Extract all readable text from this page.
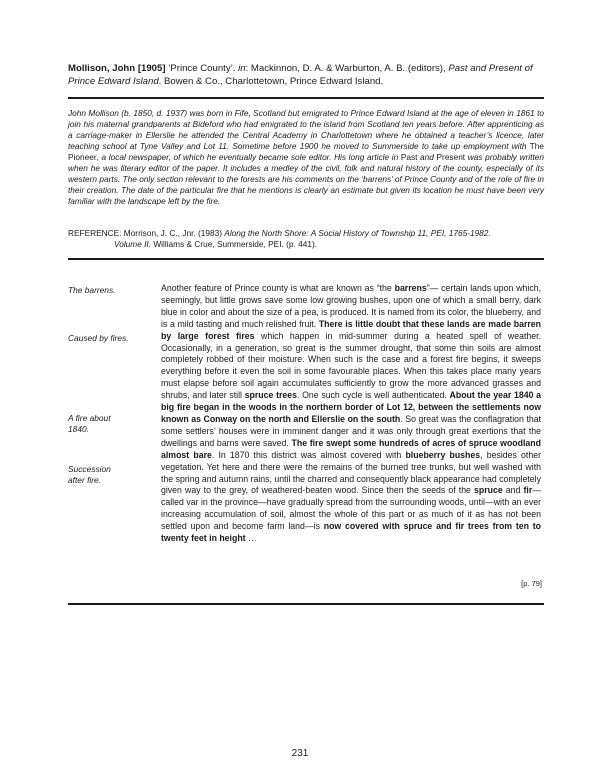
Mollison, John [1905] ‘Prince County’. in: Mackinnon, D. A. & Warburton, A. B. (editors), Past and Present of Prince Edward Island. Bowen & Co., Charlottetown, Prince Edward Island.
John Mollison (b. 1850, d. 1937) was born in Fife, Scotland but emigrated to Prince Edward Island at the age of eleven in 1861 to join his maternal grandparents at Bideford who had emigrated to the island from Scotland ten years before. After apprenticing as a carriage-maker in Ellerslie he attended the Central Academy in Charlottetown where he obtained a teacher’s licence, later teaching school at Tyne Valley and Lot 11. Sometime before 1900 he moved to Summerside to take up employment with The Pioneer, a local newspaper, of which he eventually became sole editor. His long article in Past and Present was probably written when he was literary editor of the paper. It includes a medley of the civil, folk and natural history of the county, especially of its western parts. The only section relevant to the forests are his comments on the ‘barrens’ of Prince County and of the role of fire in their creation. The date of the particular fire that he mentions is clearly an estimate but given its location he must have been very familiar with the landscape left by the fire.
REFERENCE: Morrison, J. C., Jnr. (1983) Along the North Shore: A Social History of Township 11, PEI, 1765-1982.
Volume II. Williams & Crue, Summerside, PEI. (p. 441).
The barrens.
Caused by fires.
A fire about
1840.
Succession
after fire.
Another feature of Prince county is what are known as “the barrens”— certain lands upon which, seemingly, but little grows save some low growing bushes, upon one of which a small berry, dark blue in color and about the size of a pea, is produced. It is named from its color, the blueberry, and is a mild tasting and much relished fruit. There is little doubt that these lands are made barren by large forest fires which happen in mid-summer during a heated spell of weather. Occasionally, in a generation, so great is the summer drought, that some thin soils are almost completely robbed of their moisture. When such is the case and a forest fire begins, it sweeps everything before it even the soil in some favourable places. When this takes place many years must elapse before soil again accumulates sufficiently to grow the more advanced grasses and shrubs, and later still spruce trees. One such cycle is well authenticated. About the year 1840 a big fire began in the woods in the northern border of Lot 12, between the settlements now known as Conway on the north and Ellerslie on the south. So great was the conflagration that some settlers’ houses were in imminent danger and it was only through great exertions that the dwellings and barns were saved. The fire swept some hundreds of acres of spruce woodland almost bare. In 1870 this district was almost covered with blueberry bushes, besides other vegetation. Yet here and there were the remains of the burned tree trunks, but well washed with the spring and autumn rains, until the charred and consequently black appearance had completely given way to the grey, of weathered-beaten wood. Since then the seeds of the spruce and fir—called var in the province—have gradually spread from the surrounding woods, until—with an ever increasing accumulation of soil, almost the whole of this part or as much of it as has not been settled upon and become farm land—is now covered with spruce and fir trees from ten to twenty feet in height …
[p. 79]
231
